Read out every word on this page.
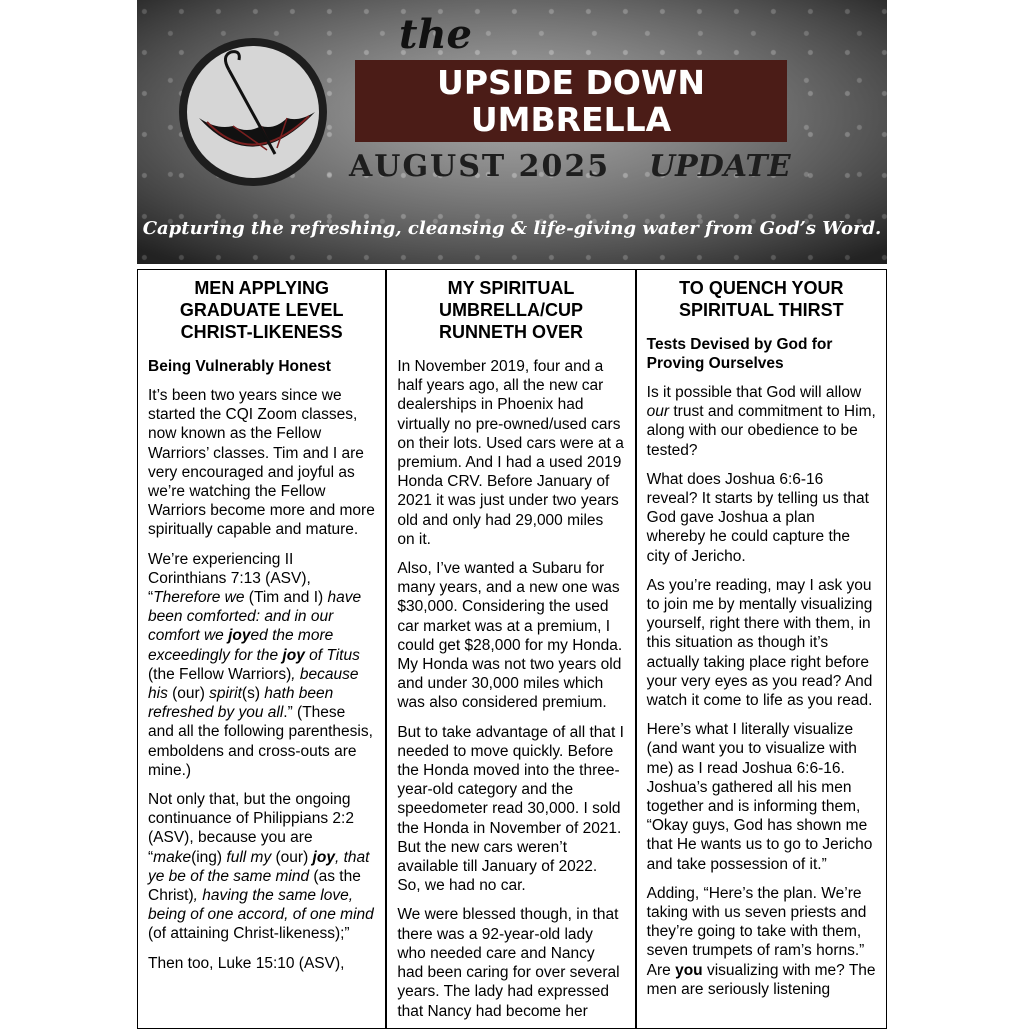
the
UPSIDE DOWN
UMBRELLA
AUGUST 2025 UPDATE
Capturing the refreshing, cleansing & life-giving water from God’s Word.
MEN APPLYING
GRADUATE LEVEL
CHRIST-LIKENESS
Being Vulnerably Honest

It’s been two years since we started the CQI Zoom classes, now known as the Fellow Warriors’ classes. Tim and I are very encouraged and joyful as we’re watching the Fellow Warriors become more and more spiritually capable and mature.

We’re experiencing II Corinthians 7:13 (ASV), “Therefore we (Tim and I) have been comforted: and in our comfort we joyed the more exceedingly for the joy of Titus (the Fellow Warriors), because his (our) spirit(s) hath been refreshed by you all.” (These and all the following parenthesis, emboldens and cross-outs are mine.)

Not only that, but the ongoing continuance of Philippians 2:2 (ASV), because you are “make(ing) full my (our) joy, that ye be of the same mind (as the Christ), having the same love, being of one accord, of one mind (of attaining Christ-likeness);”

Then too, Luke 15:10 (ASV),

MY SPIRITUAL
UMBRELLA/CUP
RUNNETH OVER

In November 2019, four and a half years ago, all the new car dealerships in Phoenix had virtually no pre-owned/used cars on their lots. Used cars were at a premium. And I had a used 2019 Honda CRV. Before January of 2021 it was just under two years old and only had 29,000 miles on it.

Also, I’ve wanted a Subaru for many years, and a new one was $30,000. Considering the used car market was at a premium, I could get $28,000 for my Honda. My Honda was not two years old and under 30,000 miles which was also considered premium.

But to take advantage of all that I needed to move quickly. Before the Honda moved into the three-year-old category and the speedometer read 30,000. I sold the Honda in November of 2021. But the new cars weren’t available till January of 2022. So, we had no car.

We were blessed though, in that there was a 92-year-old lady who needed care and Nancy had been caring for over several years. The lady had expressed that Nancy had become her

TO QUENCH YOUR
SPIRITUAL THIRST
Tests Devised by God for Proving Ourselves

Is it possible that God will allow our trust and commitment to Him, along with our obedience to be tested?

What does Joshua 6:6-16 reveal? It starts by telling us that God gave Joshua a plan whereby he could capture the city of Jericho.

As you’re reading, may I ask you to join me by mentally visualizing yourself, right there with them, in this situation as though it’s actually taking place right before your very eyes as you read? And watch it come to life as you read.

Here’s what I literally visualize (and want you to visualize with me) as I read Joshua 6:6-16. Joshua’s gathered all his men together and is informing them, “Okay guys, God has shown me that He wants us to go to Jericho and take possession of it.”

Adding, “Here’s the plan. We’re taking with us seven priests and they’re going to take with them, seven trumpets of ram’s horns.” Are you visualizing with me? The men are seriously listening
